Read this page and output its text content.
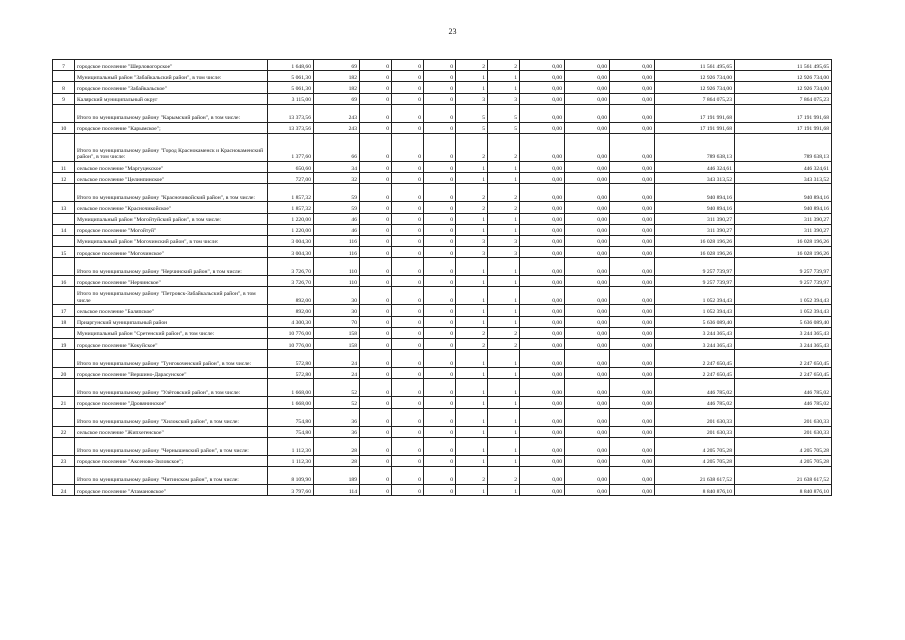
23
7	городское поселение "Шерловогорское"	1 648,60	69	0	0	0	2	2	0,00	0,00	0,00	11 561 495,65	11 561 495,65
	Муниципальный район "Забайкальский район", в том числе:	5 061,30	182	0	0	0	1	1	0,00	0,00	0,00	12 926 734,00	12 926 734,00
8	городское поселение "Забайкальское"	5 061,30	182	0	0	0	1	1	0,00	0,00	0,00	12 926 734,00	12 926 734,00
9	Калярский муниципальный округ	3 115,00	69	0	0	0	3	3	0,00	0,00	0,00	7 864 075,23	7 864 075,23
	Итого по муниципальному району "Карымский район", в том числе:	13 373,56	243	0	0	0	5	5	0,00	0,00	0,00	17 191 991,68	17 191 991,68
10	городское поселение "Карымское";	13 373,56	243	0	0	0	5	5	0,00	0,00	0,00	17 191 991,68	17 191 991,68
	Итого по муниципальному району "Город Краснокаменск и Краснокаменский район", в том числе:	1 377,60	66	0	0	0	2	2	0,00	0,00	0,00	789 638,13	789 638,13
11	сельское поселение "Маргуцекское"	650,60	34	0	0	0	1	1	0,00	0,00	0,00	446 324,61	446 324,61
12	сельское поселение "Целинпинское"	727,00	32	0	0	0	1	1	0,00	0,00	0,00	343 313,52	343 313,52
	Итого по муниципальному району "Красночикойский район", в том числе:	1 857,32	59	0	0	0	2	2	0,00	0,00	0,00	940 894,16	940 894,16
13	сельское поселение "Красночикойское"	1 857,32	59	0	0	0	2	2	0,00	0,00	0,00	940 894,16	940 894,16
	Муниципальный район "Могойтуйский район", в том числе:	1 220,00	46	0	0	0	1	1	0,00	0,00	0,00	311 390,27	311 390,27
14	городское поселение "Могойтуй"	1 220,00	46	0	0	0	1	1	0,00	0,00	0,00	311 390,27	311 390,27
	Муниципальный район "Могочинский район", в том числе:	3 004,30	116	0	0	0	3	3	0,00	0,00	0,00	16 028 196,26	16 028 196,26
15	городское поселение "Могочинское"	3 004,30	116	0	0	0	3	3	0,00	0,00	0,00	16 028 196,26	16 028 196,26
	Итого по муниципальному району "Нерчинский район", в том числе:	3 726,70	110	0	0	0	1	1	0,00	0,00	0,00	9 257 739,97	9 257 739,97
16	городское поселение "Нерчинское"	3 726,70	110	0	0	0	1	1	0,00	0,00	0,00	9 257 739,97	9 257 739,97
	Итого по муниципальному району "Петровск-Забайкальский район", в том числе	892,00	30	0	0	0	1	1	0,00	0,00	0,00	1 052 394,43	1 052 394,43
17	сельское поселение "Баляпское"	892,00	30	0	0	0	1	1	0,00	0,00	0,00	1 052 394,43	1 052 394,43
18	Приаргунский муниципальный район	4 300,30	70	0	0	0	1	1	0,00	0,00	0,00	5 636 089,40	5 636 089,40
	Муниципальный район "Сретенский район", в том числе:	10 776,00	158	0	0	0	2	2	0,00	0,00	0,00	3 244 365,43	3 244 365,43
19	городское поселение "Кокуйское"	10 776,00	158	0	0	0	2	2	0,00	0,00	0,00	3 244 365,43	3 244 365,43
	Итого по муниципальному району "Тунгокоченский район", в том числе:	572,80	24	0	0	0	1	1	0,00	0,00	0,00	2 247 650,45	2 247 650,45
20	городское поселение "Вершино-Дарасунское"	572,80	24	0	0	0	1	1	0,00	0,00	0,00	2 247 650,45	2 247 650,45
	Итого по муниципальному району "Улётовский район", в том числе:	1 668,00	52	0	0	0	1	1	0,00	0,00	0,00	446 785,02	446 785,02
21	городское поселение "Дровянинское"	1 668,00	52	0	0	0	1	1	0,00	0,00	0,00	446 785,02	446 785,02
	Итого по муниципальному району "Хилокский район", в том числе:	754,80	36	0	0	0	1	1	0,00	0,00	0,00	201 630,33	201 630,33
22	сельское поселение "Жипхегенское"	754,80	36	0	0	0	1	1	0,00	0,00	0,00	201 630,33	201 630,33
	Итого по муниципальному району "Чернышевский район", в том числе:	1 112,30	28	0	0	0	1	1	0,00	0,00	0,00	4 205 705,28	4 205 705,28
23	городское поселение "Аксеново-Зиловское";	1 112,30	28	0	0	0	1	1	0,00	0,00	0,00	4 205 705,28	4 205 705,28
	Итого по муниципальному району "Читинском район", в том числе:	8 109,90	189	0	0	0	2	2	0,00	0,00	0,00	21 638 617,52	21 638 617,52
24	городское поселение "Атамановское"	3 797,60	114	0	0	0	1	1	0,00	0,00	0,00	8 840 876,10	8 840 876,10
